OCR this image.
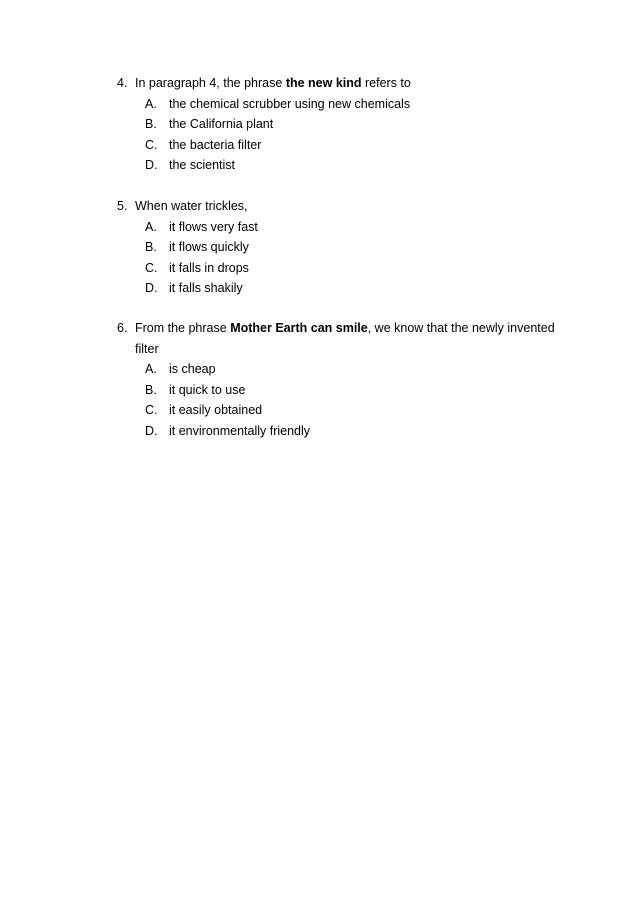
4. In paragraph 4, the phrase the new kind refers to
A. the chemical scrubber using new chemicals
B. the California plant
C. the bacteria filter
D. the scientist
5. When water trickles,
A. it flows very fast
B. it flows quickly
C. it falls in drops
D. it falls shakily
6. From the phrase Mother Earth can smile, we know that the newly invented
filter
A. is cheap
B. it quick to use
C. it easily obtained
D. it environmentally friendly
